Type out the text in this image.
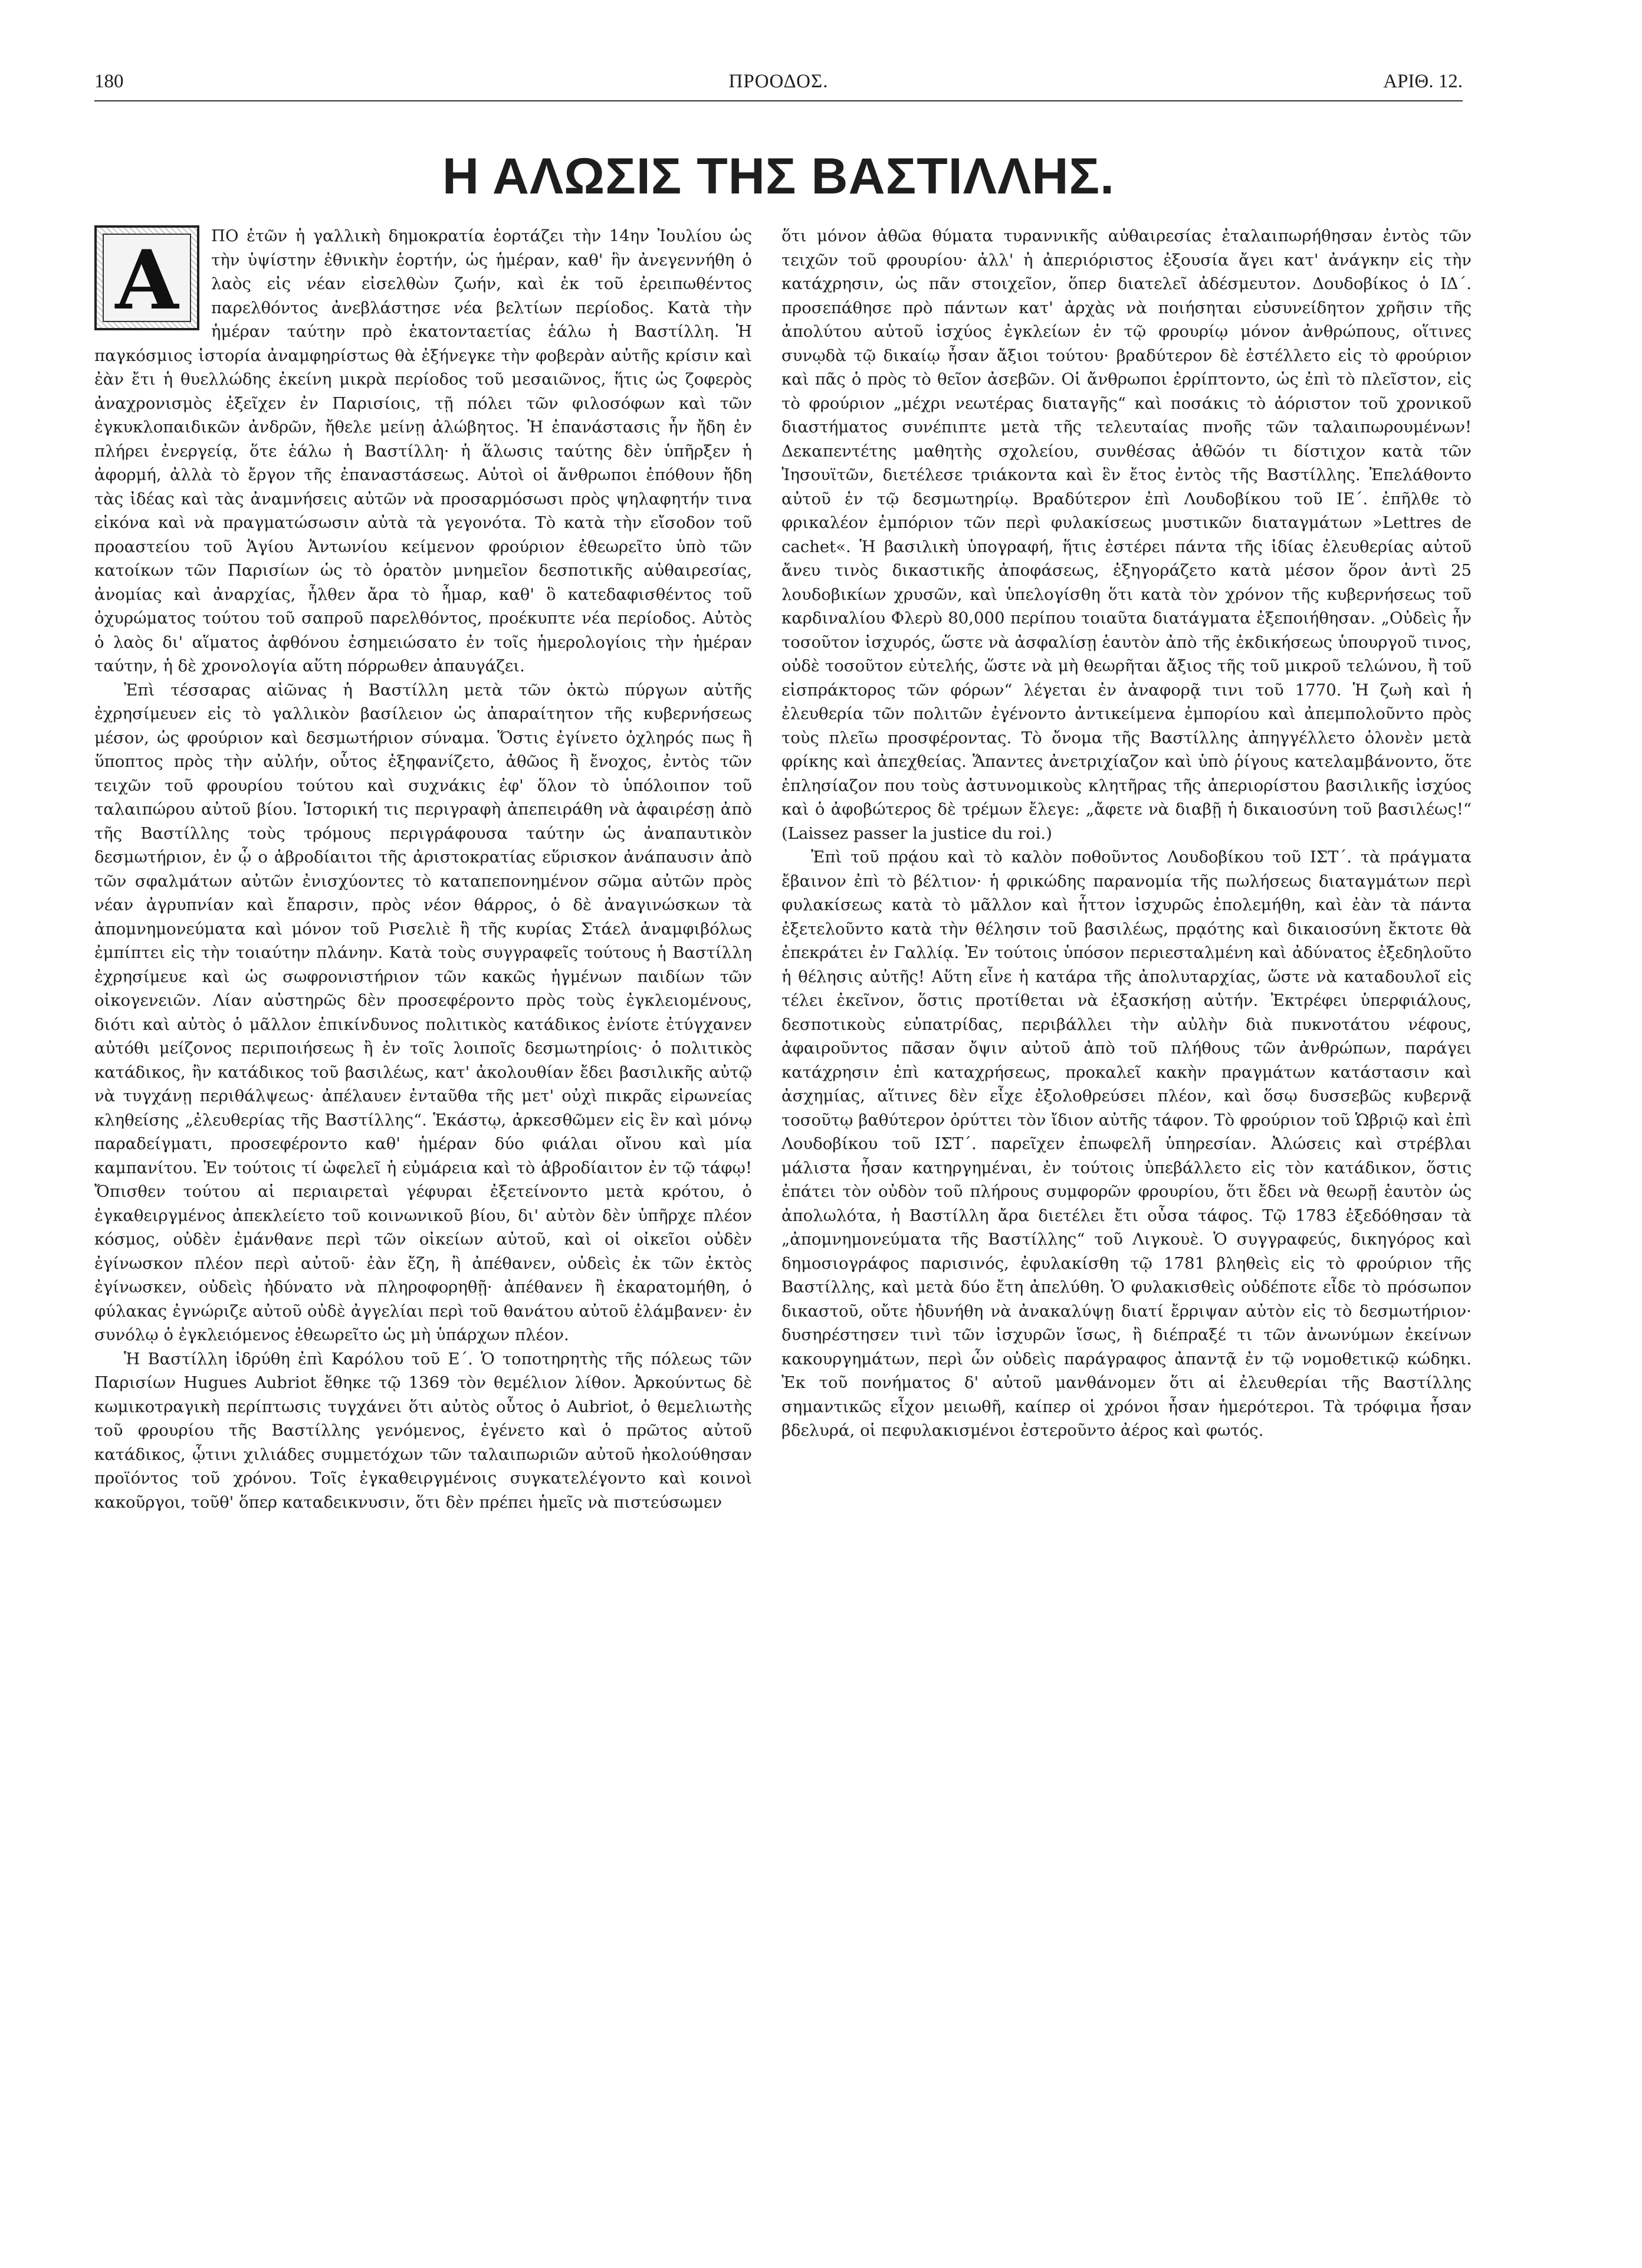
180	ΠΡΟΟΔΟΣ.	ΑΡΙΘ. 12.
Η ΑΛΩΣΙΣ ΤΗΣ ΒΑΣΤΙΛΛΗΣ.
Α	ΠΟ ἐτῶν ἡ γαλλικὴ δημοκρατία ἑορτάζει τὴν 14ην Ἰουλίου ὡς τὴν ὑψίστην ἐθνικὴν ἑορτήν, ὡς ἡμέραν, καθ' ἣν ἀνεγεννήθη ὁ λαὸς εἰς νέαν εἰσελθὼν ζωήν, καὶ ἐκ τοῦ ἐρειπωθέντος παρελθόντος ἀνεβλάστησε νέα βελτίων περίοδος. Κατὰ τὴν ἡμέραν ταύτην πρὸ ἑκατονταετίας ἑάλω ἡ Βαστίλλη. Ἡ παγκόσμιος ἱστορία ἀναμφηρίστως θὰ ἐξήνεγκε τὴν φοβερὰν αὐτῆς κρίσιν καὶ ἐὰν ἔτι ἡ θυελλώδης ἐκείνη μικρὰ περίοδος τοῦ μεσαιῶνος, ἥτις ὡς ζοφερὸς ἀναχρονισμὸς ἐξεῖχεν ἐν Παρισίοις, τῇ πόλει τῶν φιλοσόφων καὶ τῶν ἐγκυκλοπαιδικῶν ἀνδρῶν, ἤθελε μείνῃ ἀλώβητος. Ἡ ἐπανάστασις ἦν ἤδη ἐν πλήρει ἐνεργείᾳ, ὅτε ἑάλω ἡ Βαστίλλη· ἡ ἅλωσις ταύτης δὲν ὑπῆρξεν ἡ ἀφορμή, ἀλλὰ τὸ ἔργον τῆς ἐπαναστάσεως. Αὐτοὶ οἱ ἄνθρωποι ἐπόθουν ἤδη τὰς ἰδέας καὶ τὰς ἀναμνήσεις αὐτῶν νὰ προσαρμόσωσι πρὸς ψηλαφητήν τινα εἰκόνα καὶ νὰ πραγματώσωσιν αὐτὰ τὰ γεγονότα. Τὸ κατὰ τὴν εἴσοδον τοῦ προαστείου τοῦ Ἁγίου Ἀντωνίου κείμενον φρούριον ἐθεωρεῖτο ὑπὸ τῶν κατοίκων τῶν Παρισίων ὡς τὸ ὁρατὸν μνημεῖον δεσποτικῆς αὐθαιρεσίας, ἀνομίας καὶ ἀναρχίας, ἦλθεν ἄρα τὸ ἦμαρ, καθ' ὃ κατεδαφισθέντος τοῦ ὀχυρώματος τούτου τοῦ σαπροῦ παρελθόντος, προέκυπτε νέα περίοδος. Αὐτὸς ὁ λαὸς δι' αἵματος ἀφθόνου ἐσημειώσατο ἐν τοῖς ἡμερολογίοις τὴν ἡμέραν ταύτην, ἡ δὲ χρονολογία αὕτη πόρρωθεν ἀπαυγάζει.

Ἐπὶ τέσσαρας αἰῶνας ἡ Βαστίλλη μετὰ τῶν ὀκτὼ πύργων αὐτῆς ἐχρησίμευεν εἰς τὸ γαλλικὸν βασίλειον ὡς ἀπαραίτητον τῆς κυβερνήσεως μέσον, ὡς φρούριον καὶ δεσμωτήριον σύναμα. Ὅστις ἐγίνετο ὀχληρός πως ἢ ὕποπτος πρὸς τὴν αὐλήν, οὗτος ἐξηφανίζετο, ἀθῶος ἢ ἔνοχος, ἐντὸς τῶν τειχῶν τοῦ φρουρίου τούτου καὶ συχνάκις ἐφ' ὅλον τὸ ὑπόλοιπον τοῦ ταλαιπώρου αὐτοῦ βίου. Ἱστορική τις περιγραφὴ ἀπεπειράθη νὰ ἀφαιρέσῃ ἀπὸ τῆς Βαστίλλης τοὺς τρόμους περιγράφουσα ταύτην ὡς ἀναπαυτικὸν δεσμωτήριον, ἐν ᾧ ο ἁβροδίαιτοι τῆς ἀριστοκρατίας εὕρισκον ἀνάπαυσιν ἀπὸ τῶν σφαλμάτων αὐτῶν ἐνισχύοντες τὸ καταπεπονημένον σῶμα αὐτῶν πρὸς νέαν ἀγρυπνίαν καὶ ἔπαρσιν, πρὸς νέον θάρρος, ὁ δὲ ἀναγινώσκων τὰ ἀπομνημονεύματα καὶ μόνον τοῦ Ρισελιὲ ἢ τῆς κυρίας Στάελ ἀναμφιβόλως ἐμπίπτει εἰς τὴν τοιαύτην πλάνην. Κατὰ τοὺς συγγραφεῖς τούτους ἡ Βαστίλλη ἐχρησίμευε καὶ ὡς σωφρονιστήριον τῶν κακῶς ἠγμένων παιδίων τῶν οἰκογενειῶν. Λίαν αὐστηρῶς δὲν προσεφέροντο πρὸς τοὺς ἐγκλειομένους, διότι καὶ αὐτὸς ὁ μᾶλλον ἐπικίνδυνος πολιτικὸς κατάδικος ἐνίοτε ἐτύγχανεν αὐτόθι μείζονος περιποιήσεως ἢ ἐν τοῖς λοιποῖς δεσμωτηρίοις· ὁ πολιτικὸς κατάδικος, ἢν κατάδικος τοῦ βασιλέως, κατ' ἀκολουθίαν ἔδει βασιλικῆς αὐτῷ νὰ τυγχάνῃ περιθάλψεως· ἀπέλαυεν ἐνταῦθα τῆς μετ' οὐχὶ πικρᾶς εἰρωνείας κληθείσης „ἐλευθερίας τῆς Βαστίλλης“. Ἑκάστῳ, ἀρκεσθῶμεν εἰς ἓν καὶ μόνῳ παραδείγματι, προσεφέροντο καθ' ἡμέραν δύο φιάλαι οἴνου καὶ μία καμπανίτου. Ἐν τούτοις τί ὠφελεῖ ἡ εὐμάρεια καὶ τὸ ἁβροδίαιτον ἐν τῷ τάφῳ! Ὄπισθεν τούτου αἱ περιαιρεταὶ γέφυραι ἐξετείνοντο μετὰ κρότου, ὁ ἐγκαθειργμένος ἀπεκλείετο τοῦ κοινωνικοῦ βίου, δι' αὐτὸν δὲν ὑπῆρχε πλέον κόσμος, οὐδὲν ἐμάνθανε περὶ τῶν οἰκείων αὐτοῦ, καὶ οἱ οἰκεῖοι οὐδὲν ἐγίνωσκον πλέον περὶ αὐτοῦ· ἐὰν ἔζη, ἢ ἀπέθανεν, οὐδεὶς ἐκ τῶν ἐκτὸς ἐγίνωσκεν, οὐδεὶς ἠδύνατο νὰ πληροφορηθῇ· ἀπέθανεν ἢ ἐκαρατομήθη, ὁ φύλακας ἐγνώριζε αὐτοῦ οὐδὲ ἀγγελίαι περὶ τοῦ θανάτου αὐτοῦ ἐλάμβανεν· ἐν συνόλῳ ὁ ἐγκλειόμενος ἐθεωρεῖτο ὡς μὴ ὑπάρχων πλέον.

Ἡ Βαστίλλη ἱδρύθη ἐπὶ Καρόλου τοῦ Ε΄. Ὁ τοποτηρητὴς τῆς πόλεως τῶν Παρισίων Hugues Aubriot ἔθηκε τῷ 1369 τὸν θεμέλιον λίθον. Ἀρκούντως δὲ κωμικοτραγικὴ περίπτωσις τυγχάνει ὅτι αὐτὸς οὗτος ὁ Aubriot, ὁ θεμελιωτὴς τοῦ φρουρίου τῆς Βαστίλλης γενόμενος, ἐγένετο καὶ ὁ πρῶτος αὐτοῦ κατάδικος, ᾧτινι χιλιάδες συμμετόχων τῶν ταλαιπωριῶν αὐτοῦ ἠκολούθησαν προϊόντος τοῦ χρόνου. Τοῖς ἐγκαθειργμένοις συγκατελέγοντο καὶ κοινοὶ κακοῦργοι, τοῦθ' ὅπερ καταδεικνυσιν, ὅτι δὲν πρέπει ἡμεῖς νὰ πιστεύσωμεν

ὅτι μόνον ἀθῶα θύματα τυραννικῆς αὐθαιρεσίας ἐταλαιπωρήθησαν ἐντὸς τῶν τειχῶν τοῦ φρουρίου· ἀλλ' ἡ ἀπεριόριστος ἐξουσία ἄγει κατ' ἀνάγκην εἰς τὴν κατάχρησιν, ὡς πᾶν στοιχεῖον, ὅπερ διατελεῖ ἀδέσμευτον. Δουδοβίκος ὁ ΙΔ΄. προσεπάθησε πρὸ πάντων κατ' ἀρχὰς νὰ ποιήσηται εὐσυνείδητον χρῆσιν τῆς ἀπολύτου αὐτοῦ ἰσχύος ἐγκλείων ἐν τῷ φρουρίῳ μόνον ἀνθρώπους, οἵτινες συνῳδὰ τῷ δικαίῳ ἦσαν ἄξιοι τούτου· βραδύτερον δὲ ἐστέλλετο εἰς τὸ φρούριον καὶ πᾶς ὁ πρὸς τὸ θεῖον ἀσεβῶν. Οἱ ἄνθρωποι ἐρρίπτοντο, ὡς ἐπὶ τὸ πλεῖστον, εἰς τὸ φρούριον „μέχρι νεωτέρας διαταγῆς“ καὶ ποσάκις τὸ ἀόριστον τοῦ χρονικοῦ διαστήματος συνέπιπτε μετὰ τῆς τελευταίας πνοῆς τῶν ταλαιπωρουμένων! Δεκαπεντέτης μαθητὴς σχολείου, συνθέσας ἀθῶόν τι δίστιχον κατὰ τῶν Ἰησουϊτῶν, διετέλεσε τριάκοντα καὶ ἓν ἔτος ἐντὸς τῆς Βαστίλλης. Ἐπελάθοντο αὐτοῦ ἐν τῷ δεσμωτηρίῳ. Βραδύτερον ἐπὶ Λουδοβίκου τοῦ ΙΕ΄. ἐπῆλθε τὸ φρικαλέον ἐμπόριον τῶν περὶ φυλακίσεως μυστικῶν διαταγμάτων »Lettres de cachet«. Ἡ βασιλικὴ ὑπογραφή, ἥτις ἐστέρει πάντα τῆς ἰδίας ἐλευθερίας αὐτοῦ ἄνευ τινὸς δικαστικῆς ἀποφάσεως, ἐξηγοράζετο κατὰ μέσον ὅρον ἀντὶ 25 λουδοβικίων χρυσῶν, καὶ ὑπελογίσθη ὅτι κατὰ τὸν χρόνον τῆς κυβερνήσεως τοῦ καρδιναλίου Φλερὺ 80,000 περίπου τοιαῦτα διατάγματα ἐξεποιήθησαν. „Οὐδεὶς ἦν τοσοῦτον ἰσχυρός, ὥστε νὰ ἀσφαλίσῃ ἑαυτὸν ἀπὸ τῆς ἐκδικήσεως ὑπουργοῦ τινος, οὐδὲ τοσοῦτον εὐτελής, ὥστε νὰ μὴ θεωρῆται ἄξιος τῆς τοῦ μικροῦ τελώνου, ἢ τοῦ εἰσπράκτορος τῶν φόρων“ λέγεται ἐν ἀναφορᾷ τινι τοῦ 1770. Ἡ ζωὴ καὶ ἡ ἐλευθερία τῶν πολιτῶν ἐγένοντο ἀντικείμενα ἐμπορίου καὶ ἀπεμπολοῦντο πρὸς τοὺς πλεῖω προσφέροντας. Τὸ ὄνομα τῆς Βαστίλλης ἀπηγγέλλετο ὁλονὲν μετὰ φρίκης καὶ ἀπεχθείας. Ἅπαντες ἀνετριχίαζον καὶ ὑπὸ ῥίγους κατελαμβάνοντο, ὅτε ἐπλησίαζον που τοὺς ἀστυνομικοὺς κλητῆρας τῆς ἀπεριορίστου βασιλικῆς ἰσχύος καὶ ὁ ἀφοβώτερος δὲ τρέμων ἔλεγε: „ἄφετε νὰ διαβῇ ἡ δικαιοσύνη τοῦ βασιλέως!“ (Laissez passer la justice du roi.)

Ἐπὶ τοῦ πρᾴου καὶ τὸ καλὸν ποθοῦντος Λουδοβίκου τοῦ ΙΣΤ΄. τὰ πράγματα ἔβαινον ἐπὶ τὸ βέλτιον· ἡ φρικώδης παρανομία τῆς πωλήσεως διαταγμάτων περὶ φυλακίσεως κατὰ τὸ μᾶλλον καὶ ἧττον ἰσχυρῶς ἐπολεμήθη, καὶ ἐὰν τὰ πάντα ἐξετελοῦντο κατὰ τὴν θέλησιν τοῦ βασιλέως, πρᾳότης καὶ δικαιοσύνη ἔκτοτε θὰ ἐπεκράτει ἐν Γαλλίᾳ. Ἐν τούτοις ὑπόσον περιεσταλμένη καὶ ἀδύνατος ἐξεδηλοῦτο ἡ θέλησις αὐτῆς! Αὕτη εἶνε ἡ κατάρα τῆς ἀπολυταρχίας, ὥστε νὰ καταδουλοῖ εἰς τέλει ἐκεῖνον, ὅστις προτίθεται νὰ ἐξασκήσῃ αὐτήν. Ἐκτρέφει ὑπερφιάλους, δεσποτικοὺς εὐπατρίδας, περιβάλλει τὴν αὐλὴν διὰ πυκνοτάτου νέφους, ἀφαιροῦντος πᾶσαν ὄψιν αὐτοῦ ἀπὸ τοῦ πλήθους τῶν ἀνθρώπων, παράγει κατάχρησιν ἐπὶ καταχρήσεως, προκαλεῖ κακὴν πραγμάτων κατάστασιν καὶ ἀσχημίας, αἵτινες δὲν εἶχε ἐξολοθρεύσει πλέον, καὶ ὅσῳ δυσσεβῶς κυβερνᾷ τοσοῦτῳ βαθύτερον ὀρύττει τὸν ἴδιον αὐτῆς τάφον. Τὸ φρούριον τοῦ Ὡβριῷ καὶ ἐπὶ Λουδοβίκου τοῦ ΙΣΤ΄. παρεῖχεν ἐπωφελῆ ὑπηρεσίαν. Ἀλώσεις καὶ στρέβλαι μάλιστα ἦσαν κατηργημέναι, ἐν τούτοις ὑπεβάλλετο εἰς τὸν κατάδικον, ὅστις ἐπάτει τὸν οὐδὸν τοῦ πλήρους συμφορῶν φρουρίου, ὅτι ἔδει νὰ θεωρῇ ἑαυτὸν ὡς ἀπολωλότα, ἡ Βαστίλλη ἄρα διετέλει ἔτι οὖσα τάφος. Τῷ 1783 ἐξεδόθησαν τὰ „ἀπομνημονεύματα τῆς Βαστίλλης“ τοῦ Λιγκουὲ. Ὁ συγγραφεύς, δικηγόρος καὶ δημοσιογράφος παρισινός, ἐφυλακίσθη τῷ 1781 βληθεὶς εἰς τὸ φρούριον τῆς Βαστίλλης, καὶ μετὰ δύο ἔτη ἀπελύθη. Ὁ φυλακισθεὶς οὐδέποτε εἶδε τὸ πρόσωπον δικαστοῦ, οὔτε ἠδυνήθη νὰ ἀνακαλύψῃ διατί ἔρριψαν αὐτὸν εἰς τὸ δεσμωτήριον· δυσηρέστησεν τινὶ τῶν ἰσχυρῶν ἴσως, ἢ διέπραξέ τι τῶν ἀνωνύμων ἐκείνων κακουργημάτων, περὶ ὧν οὐδεὶς παράγραφος ἀπαντᾷ ἐν τῷ νομοθετικῷ κώδηκι. Ἐκ τοῦ πονήματος δ' αὐτοῦ μανθάνομεν ὅτι αἱ ἐλευθερίαι τῆς Βαστίλλης σημαντικῶς εἶχον μειωθῆ, καίπερ οἱ χρόνοι ἦσαν ἡμερότεροι. Τὰ τρόφιμα ἦσαν βδελυρά, οἱ πεφυλακισμένοι ἐστεροῦντο ἀέρος καὶ φωτός.
